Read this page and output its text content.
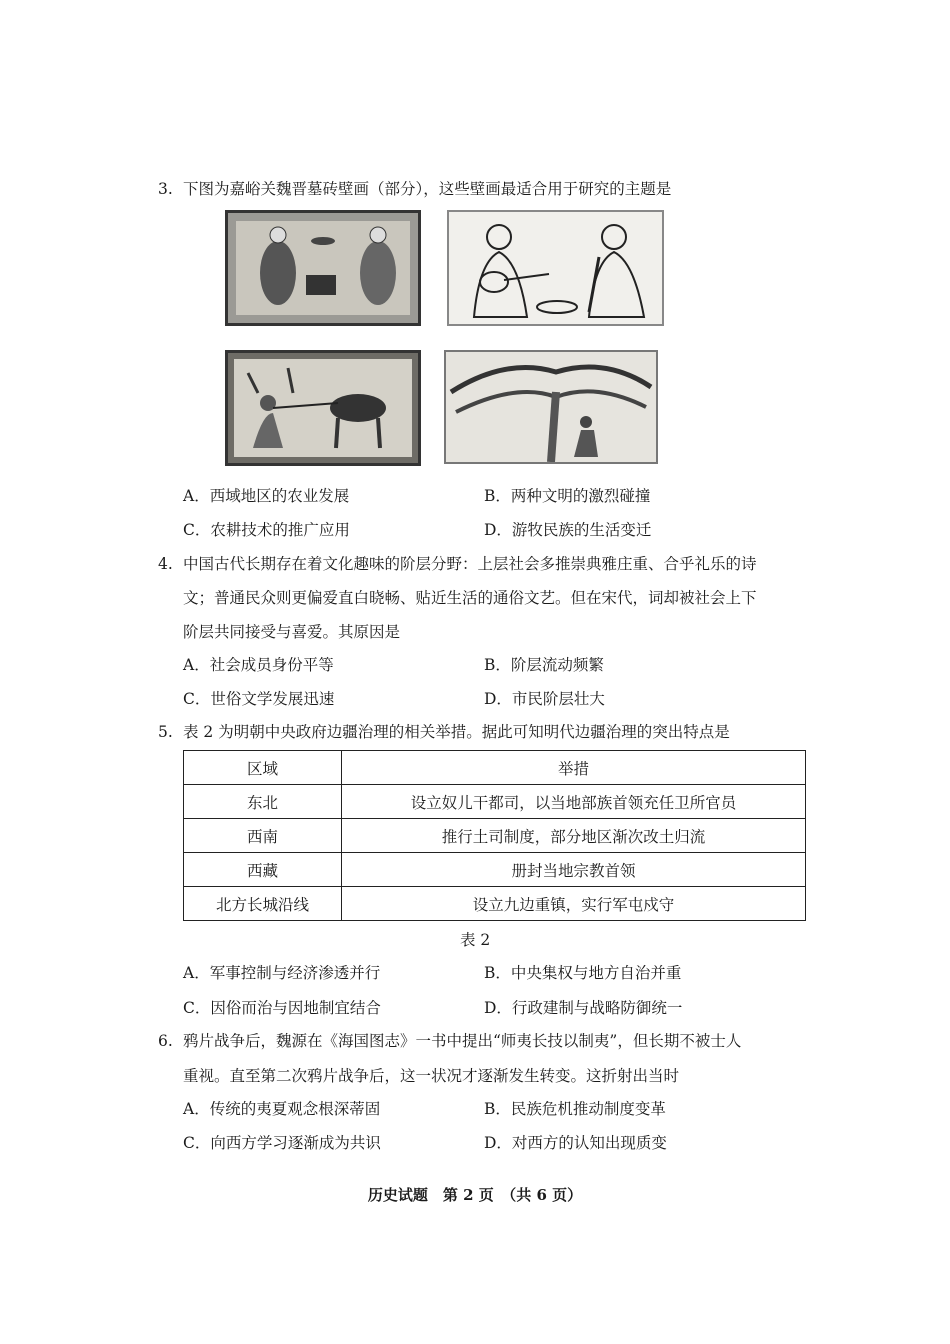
3. 下图为嘉峪关魏晋墓砖壁画（部分），这些壁画最适合用于研究的主题是
A．西域地区的农业发展	B．两种文明的激烈碰撞
C．农耕技术的推广应用	D．游牧民族的生活变迁
4. 中国古代长期存在着文化趣味的阶层分野：上层社会多推崇典雅庄重、合乎礼乐的诗
文；普通民众则更偏爱直白晓畅、贴近生活的通俗文艺。但在宋代，词却被社会上下
阶层共同接受与喜爱。其原因是
A．社会成员身份平等	B．阶层流动频繁
C．世俗文学发展迅速	D．市民阶层壮大
5. 表 2 为明朝中央政府边疆治理的相关举措。据此可知明代边疆治理的突出特点是
区域	举措
东北	设立奴儿干都司，以当地部族首领充任卫所官员
西南	推行土司制度，部分地区渐次改土归流
西藏	册封当地宗教首领
北方长城沿线	设立九边重镇，实行军屯戍守
表 2
A．军事控制与经济渗透并行	B．中央集权与地方自治并重
C．因俗而治与因地制宜结合	D．行政建制与战略防御统一
6. 鸦片战争后，魏源在《海国图志》一书中提出“师夷长技以制夷”，但长期不被士人
重视。直至第二次鸦片战争后，这一状况才逐渐发生转变。这折射出当时
A．传统的夷夏观念根深蒂固	B．民族危机推动制度变革
C．向西方学习逐渐成为共识	D．对西方的认知出现质变
历史试题　第 2 页　（共 6 页）
